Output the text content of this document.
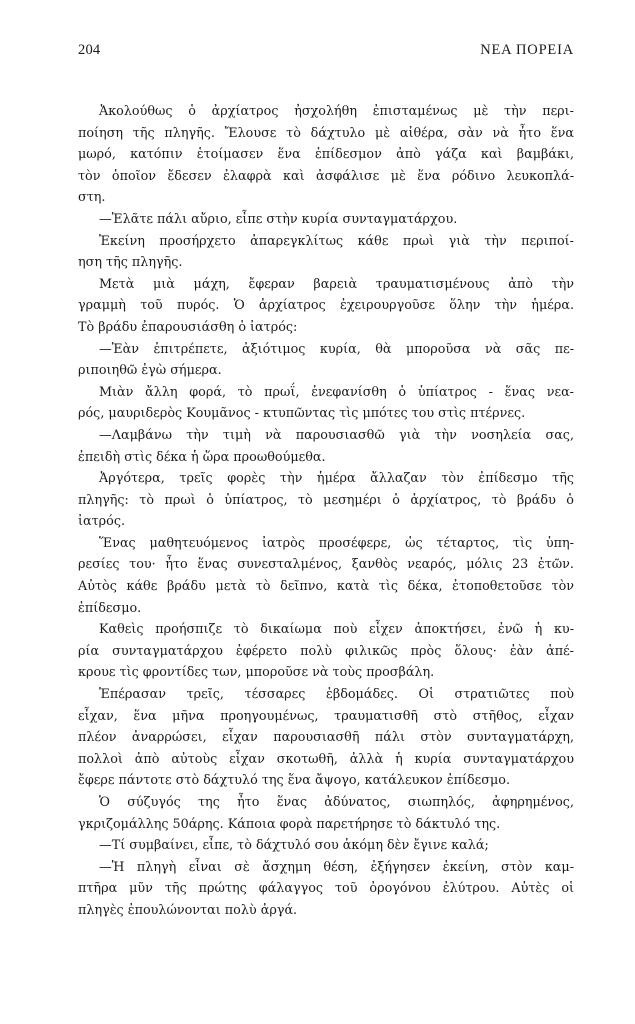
204	ΝΕΑ ΠΟΡΕΙΑ
Ἀκολούθως ὁ ἀρχίατρος ἠσχολήθη ἐπισταμένως μὲ τὴν περι-
ποίηση τῆς πληγῆς. Ἔλουσε τὸ δάχτυλο μὲ αἰθέρα, σὰν νὰ ἦτο ἕνα
μωρό, κατόπιν ἑτοίμασεν ἕνα ἐπίδεσμον ἀπὸ γάζα καὶ βαμβάκι,
τὸν ὁποῖον ἔδεσεν ἐλαφρὰ καὶ ἀσφάλισε μὲ ἕνα ρόδινο λευκοπλά-
στη.
—Ἐλᾶτε πάλι αὔριο, εἶπε στὴν κυρία συνταγματάρχου.
Ἐκείνη προσήρχετο ἀπαρεγκλίτως κάθε πρωὶ γιὰ τὴν περιποί-
ηση τῆς πληγῆς.
Μετὰ μιὰ μάχη, ἔφεραν βαρειὰ τραυματισμένους ἀπὸ τὴν
γραμμὴ τοῦ πυρός. Ὁ ἀρχίατρος ἐχειρουργοῦσε ὅλην τὴν ἡμέρα.
Τὸ βράδυ ἐπαρουσιάσθη ὁ ἰατρός:
—Ἐὰν ἐπιτρέπετε, ἀξιότιμος κυρία, θὰ μποροῦσα νὰ σᾶς πε-
ριποιηθῶ ἐγὼ σήμερα.
Μιὰν ἄλλη φορά, τὸ πρωΐ, ἐνεφανίσθη ὁ ὑπίατρος - ἕνας νεα-
ρός, μαυριδερὸς Κουμᾶνος - κτυπῶντας τὶς μπότες του στὶς πτέρνες.
—Λαμβάνω τὴν τιμὴ νὰ παρουσιασθῶ γιὰ τὴν νοσηλεία σας,
ἐπειδὴ στὶς δέκα ἡ ὥρα προωθούμεθα.
Ἀργότερα, τρεῖς φορὲς τὴν ἡμέρα ἄλλαζαν τὸν ἐπίδεσμο τῆς
πληγῆς: τὸ πρωὶ ὁ ὑπίατρος, τὸ μεσημέρι ὁ ἀρχίατρος, τὸ βράδυ ὁ
ἰατρός.
Ἕνας μαθητευόμενος ἰατρὸς προσέφερε, ὡς τέταρτος, τὶς ὑπη-
ρεσίες του· ἦτο ἕνας συνεσταλμένος, ξανθὸς νεαρός, μόλις 23 ἐτῶν.
Αὐτὸς κάθε βράδυ μετὰ τὸ δεῖπνο, κατὰ τὶς δέκα, ἐτοποθετοῦσε τὸν
ἐπίδεσμο.
Καθεὶς προήσπιζε τὸ δικαίωμα ποὺ εἶχεν ἀποκτήσει, ἐνῶ ἡ κυ-
ρία συνταγματάρχου ἐφέρετο πολὺ φιλικῶς πρὸς ὅλους· ἐὰν ἀπέ-
κρουε τὶς φροντίδες των, μποροῦσε νὰ τοὺς προσβάλη.
Ἐπέρασαν τρεῖς, τέσσαρες ἑβδομάδες. Οἱ στρατιῶτες ποὺ
εἶχαν, ἕνα μῆνα προηγουμένως, τραυματισθῆ στὸ στῆθος, εἶχαν
πλέον ἀναρρώσει, εἶχαν παρουσιασθῆ πάλι στὸν συνταγματάρχη,
πολλοὶ ἀπὸ αὐτοὺς εἶχαν σκοτωθῆ, ἀλλὰ ἡ κυρία συνταγματάρχου
ἔφερε πάντοτε στὸ δάχτυλό της ἕνα ἄψογο, κατάλευκον ἐπίδεσμο.
Ὁ σύζυγός της ἦτο ἕνας ἀδύνατος, σιωπηλός, ἀφηρημένος,
γκριζομάλλης 50άρης. Κάποια φορὰ παρετήρησε τὸ δάκτυλό της.
—Τί συμβαίνει, εἶπε, τὸ δάχτυλό σου ἀκόμη δὲν ἔγινε καλά;
—Ἡ πληγὴ εἶναι σὲ ἄσχημη θέση, ἐξήγησεν ἐκείνη, στὸν καμ-
πτῆρα μῦν τῆς πρώτης φάλαγγος τοῦ ὀρογόνου ἐλύτρου. Αὐτὲς οἱ
πληγὲς ἐπουλώνονται πολὺ ἀργά.
